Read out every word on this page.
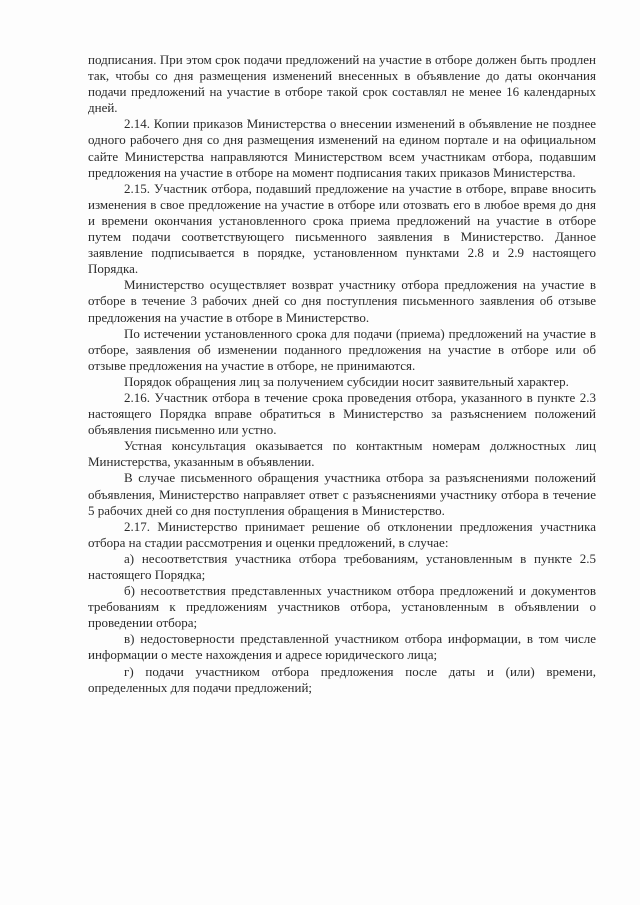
подписания. При этом срок подачи предложений на участие в отборе должен быть продлен так, чтобы со дня размещения изменений внесенных в объявление до даты окончания подачи предложений на участие в отборе такой срок составлял не менее 16 календарных дней.

2.14. Копии приказов Министерства о внесении изменений в объявление не позднее одного рабочего дня со дня размещения изменений на едином портале и на официальном сайте Министерства направляются Министерством всем участникам отбора, подавшим предложения на участие в отборе на момент подписания таких приказов Министерства.

2.15. Участник отбора, подавший предложение на участие в отборе, вправе вносить изменения в свое предложение на участие в отборе или отозвать его в любое время до дня и времени окончания установленного срока приема предложений на участие в отборе путем подачи соответствующего письменного заявления в Министерство. Данное заявление подписывается в порядке, установленном пунктами 2.8 и 2.9 настоящего Порядка.

Министерство осуществляет возврат участнику отбора предложения на участие в отборе в течение 3 рабочих дней со дня поступления письменного заявления об отзыве предложения на участие в отборе в Министерство.

По истечении установленного срока для подачи (приема) предложений на участие в отборе, заявления об изменении поданного предложения на участие в отборе или об отзыве предложения на участие в отборе, не принимаются.

Порядок обращения лиц за получением субсидии носит заявительный характер.

2.16. Участник отбора в течение срока проведения отбора, указанного в пункте 2.3 настоящего Порядка вправе обратиться в Министерство за разъяснением положений объявления письменно или устно.

Устная консультация оказывается по контактным номерам должностных лиц Министерства, указанным в объявлении.

В случае письменного обращения участника отбора за разъяснениями положений объявления, Министерство направляет ответ с разъяснениями участнику отбора в течение 5 рабочих дней со дня поступления обращения в Министерство.

2.17. Министерство принимает решение об отклонении предложения участника отбора на стадии рассмотрения и оценки предложений, в случае:

а) несоответствия участника отбора требованиям, установленным в пункте 2.5 настоящего Порядка;

б) несоответствия представленных участником отбора предложений и документов требованиям к предложениям участников отбора, установленным в объявлении о проведении отбора;

в) недостоверности представленной участником отбора информации, в том числе информации о месте нахождения и адресе юридического лица;

г) подачи участником отбора предложения после даты и (или) времени, определенных для подачи предложений;
